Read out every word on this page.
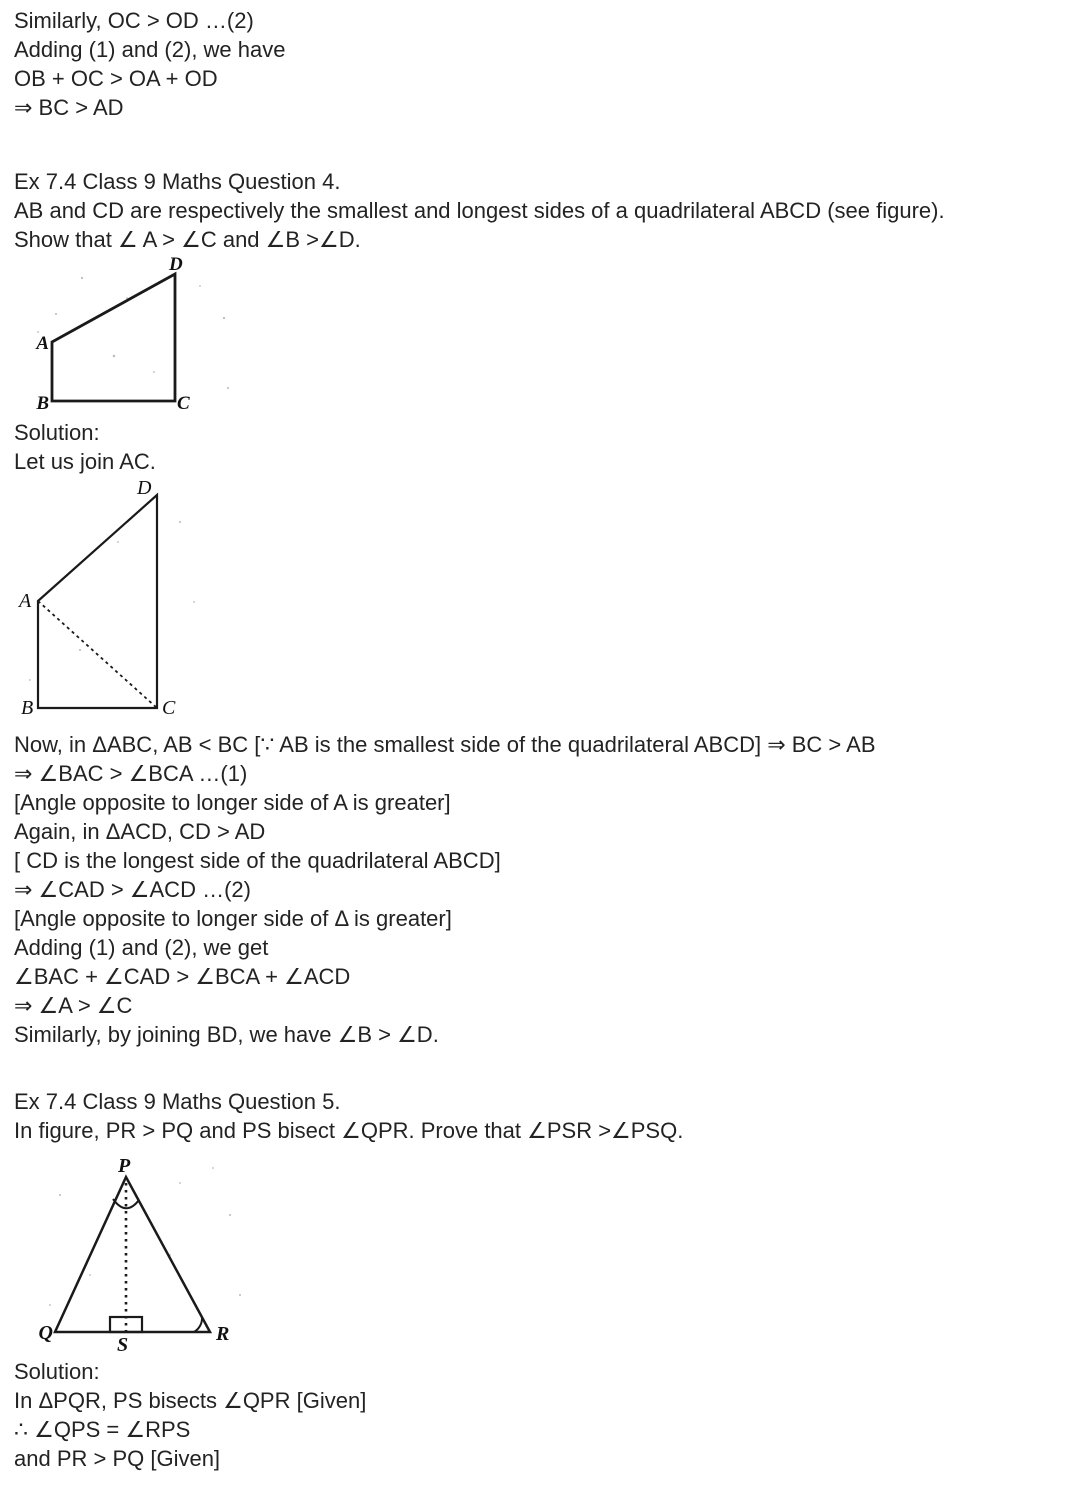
Similarly, OC > OD …(2)
Adding (1) and (2), we have
OB + OC > OA + OD
⇒ BC > AD
Ex 7.4 Class 9 Maths Question 4.
AB and CD are respectively the smallest and longest sides of a quadrilateral ABCD (see figure).
Show that ∠ A > ∠C and ∠B >∠D.
A
B	C
D
Solution:
Let us join AC.
A
B	C
D
Now, in ΔABC, AB < BC [∵ AB is the smallest side of the quadrilateral ABCD] ⇒ BC > AB
⇒ ∠BAC > ∠BCA …(1)
[Angle opposite to longer side of A is greater]
Again, in ΔACD, CD > AD
[ CD is the longest side of the quadrilateral ABCD]
⇒ ∠CAD > ∠ACD …(2)
[Angle opposite to longer side of Δ is greater]
Adding (1) and (2), we get
∠BAC + ∠CAD > ∠BCA + ∠ACD
⇒ ∠A > ∠C
Similarly, by joining BD, we have ∠B > ∠D.
Ex 7.4 Class 9 Maths Question 5.
In figure, PR > PQ and PS bisect ∠QPR. Prove that ∠PSR >∠PSQ.
P
Q	R
S
Solution:
In ΔPQR, PS bisects ∠QPR [Given]
∴ ∠QPS = ∠RPS
and PR > PQ [Given]
